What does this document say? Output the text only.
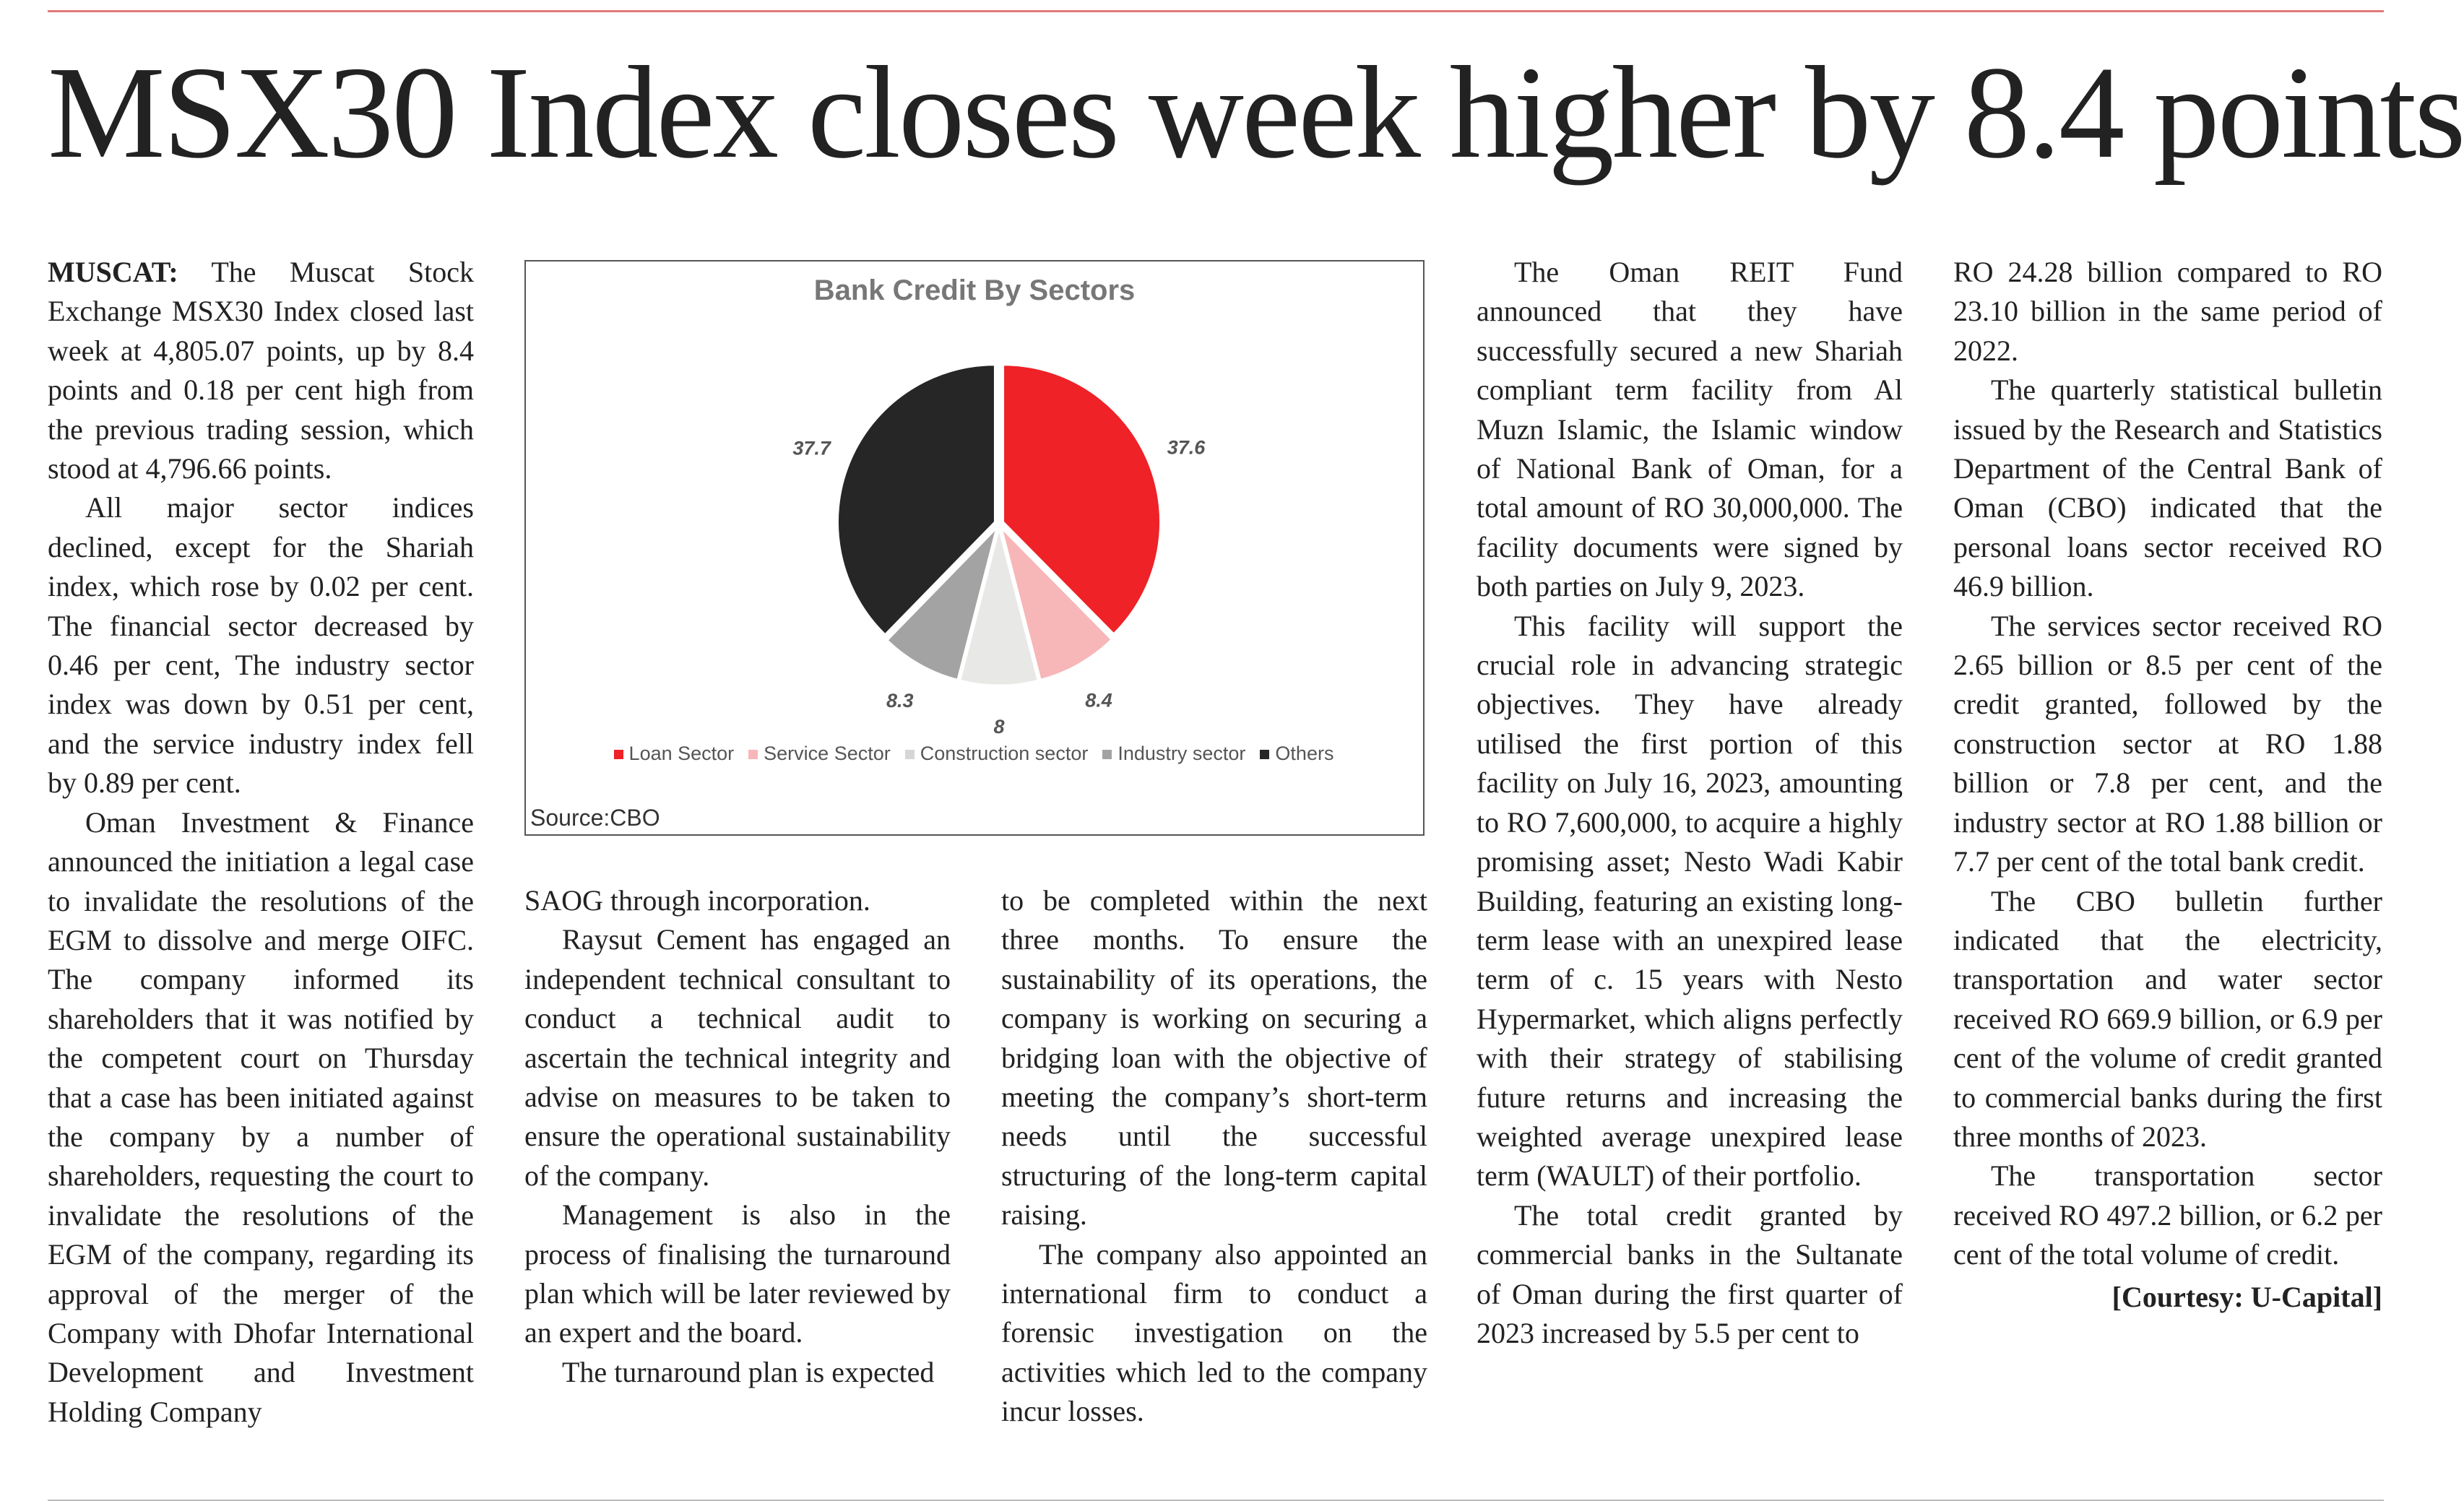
MSX30 Index closes week higher by 8.4 points

MUSCAT: The Muscat Stock Exchange MSX30 Index closed last week at 4,805.07 points, up by 8.4 points and 0.18 per cent high from the previous trading session, which stood at 4,796.66 points.

All major sector indices declined, except for the Shariah index, which rose by 0.02 per cent. The financial sector decreased by 0.46 per cent, The industry sector index was down by 0.51 per cent, and the service industry index fell by 0.89 per cent.

Oman Investment & Finance announced the initiation a legal case to invalidate the resolutions of the EGM to dissolve and merge OIFC. The company informed its shareholders that it was notified by the competent court on Thursday that a case has been initiated against the company by a number of shareholders, requesting the court to invalidate the resolutions of the EGM of the company, regarding its approval of the merger of the Company with Dhofar International Development and Investment Holding Company

Bank Credit By Sectors
37.6
8.4
8
8.3
37.7
Loan Sector Service Sector Construction sector Industry sector Others
Source:CBO

SAOG through incorporation.

Raysut Cement has engaged an independent technical consultant to conduct a technical audit to ascertain the technical integrity and advise on measures to be taken to ensure the operational sustainability of the company.

Management is also in the process of finalising the turnaround plan which will be later reviewed by an expert and the board.

The turnaround plan is expected

to be completed within the next three months. To ensure the sustainability of its operations, the company is working on securing a bridging loan with the objective of meeting the company’s short-term needs until the successful structuring of the long-term capital raising.

The company also appointed an international firm to conduct a forensic investigation on the activities which led to the company incur losses.

The Oman REIT Fund announced that they have successfully secured a new Shariah compliant term facility from Al Muzn Islamic, the Islamic window of National Bank of Oman, for a total amount of RO 30,000,000. The facility documents were signed by both parties on July 9, 2023.

This facility will support the crucial role in advancing strategic objectives. They have already utilised the first portion of this facility on July 16, 2023, amounting to RO 7,600,000, to acquire a highly promising asset; Nesto Wadi Kabir Building, featuring an existing long-term lease with an unexpired lease term of c. 15 years with Nesto Hypermarket, which aligns perfectly with their strategy of stabilising future returns and increasing the weighted average unexpired lease term (WAULT) of their portfolio.

The total credit granted by commercial banks in the Sultanate of Oman during the first quarter of 2023 increased by 5.5 per cent to

RO 24.28 billion compared to RO 23.10 billion in the same period of 2022.

The quarterly statistical bulletin issued by the Research and Statistics Department of the Central Bank of Oman (CBO) indicated that the personal loans sector received RO 46.9 billion.

The services sector received RO 2.65 billion or 8.5 per cent of the credit granted, followed by the construction sector at RO 1.88 billion or 7.8 per cent, and the industry sector at RO 1.88 billion or 7.7 per cent of the total bank credit.

The CBO bulletin further indicated that the electricity, transportation and water sector received RO 669.9 billion, or 6.9 per cent of the volume of credit granted to commercial banks during the first three months of 2023.

The transportation sector received RO 497.2 billion, or 6.2 per cent of the total volume of credit.

[Courtesy: U-Capital]
